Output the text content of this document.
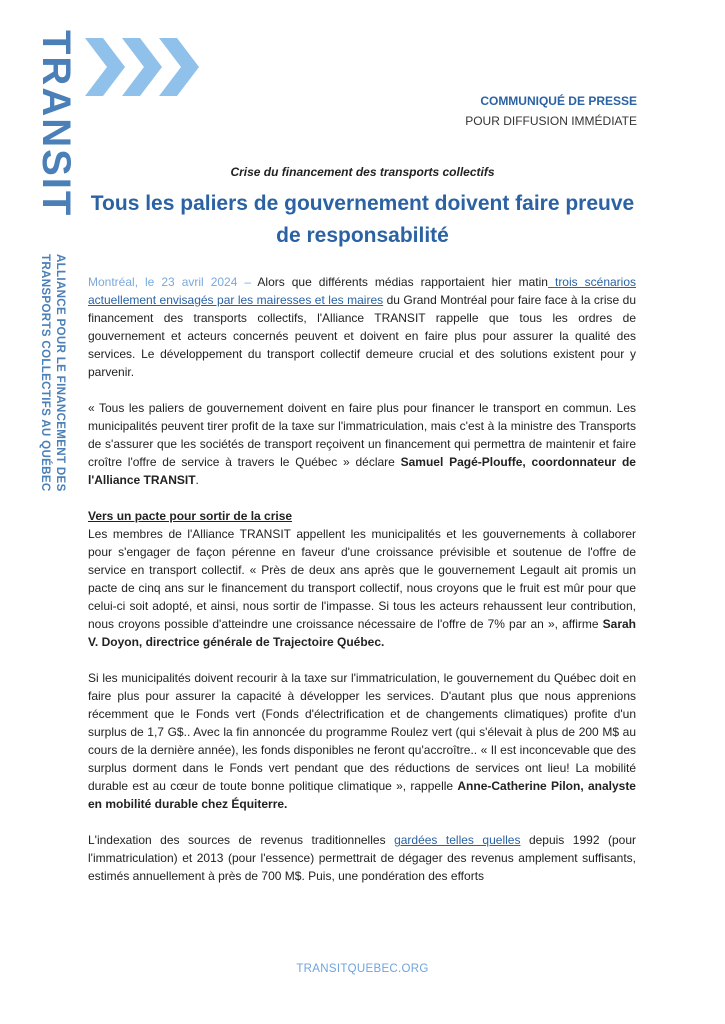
TRANSIT
ALLIANCE POUR LE FINANCEMENT DES
TRANSPORTS COLLECTIFS AU QUÉBEC
COMMUNIQUÉ DE PRESSE
POUR DIFFUSION IMMÉDIATE
Crise du financement des transports collectifs
Tous les paliers de gouvernement doivent faire preuve de responsabilité

Montréal, le 23 avril 2024 – Alors que différents médias rapportaient hier matin trois scénarios actuellement envisagés par les mairesses et les maires du Grand Montréal pour faire face à la crise du financement des transports collectifs, l'Alliance TRANSIT rappelle que tous les ordres de gouvernement et acteurs concernés peuvent et doivent en faire plus pour assurer la qualité des services. Le développement du transport collectif demeure crucial et des solutions existent pour y parvenir.

« Tous les paliers de gouvernement doivent en faire plus pour financer le transport en commun. Les municipalités peuvent tirer profit de la taxe sur l'immatriculation, mais c'est à la ministre des Transports de s'assurer que les sociétés de transport reçoivent un financement qui permettra de maintenir et faire croître l'offre de service à travers le Québec » déclare Samuel Pagé-Plouffe, coordonnateur de l'Alliance TRANSIT.

Vers un pacte pour sortir de la crise
Les membres de l'Alliance TRANSIT appellent les municipalités et les gouvernements à collaborer pour s'engager de façon pérenne en faveur d'une croissance prévisible et soutenue de l'offre de service en transport collectif. « Près de deux ans après que le gouvernement Legault ait promis un pacte de cinq ans sur le financement du transport collectif, nous croyons que le fruit est mûr pour que celui-ci soit adopté, et ainsi, nous sortir de l'impasse. Si tous les acteurs rehaussent leur contribution, nous croyons possible d'atteindre une croissance nécessaire de l'offre de 7% par an », affirme Sarah V. Doyon, directrice générale de Trajectoire Québec.

Si les municipalités doivent recourir à la taxe sur l'immatriculation, le gouvernement du Québec doit en faire plus pour assurer la capacité à développer les services. D'autant plus que nous apprenions récemment que le Fonds vert (Fonds d'électrification et de changements climatiques) profite d'un surplus de 1,7 G$.. Avec la fin annoncée du programme Roulez vert (qui s'élevait à plus de 200 M$ au cours de la dernière année), les fonds disponibles ne feront qu'accroître.. « Il est inconcevable que des surplus dorment dans le Fonds vert pendant que des réductions de services ont lieu! La mobilité durable est au cœur de toute bonne politique climatique », rappelle Anne-Catherine Pilon, analyste en mobilité durable chez Équiterre.

L'indexation des sources de revenus traditionnelles gardées telles quelles depuis 1992 (pour l'immatriculation) et 2013 (pour l'essence) permettrait de dégager des revenus amplement suffisants, estimés annuellement à près de 700 M$. Puis, une pondération des efforts

TRANSITQUEBEC.ORG
